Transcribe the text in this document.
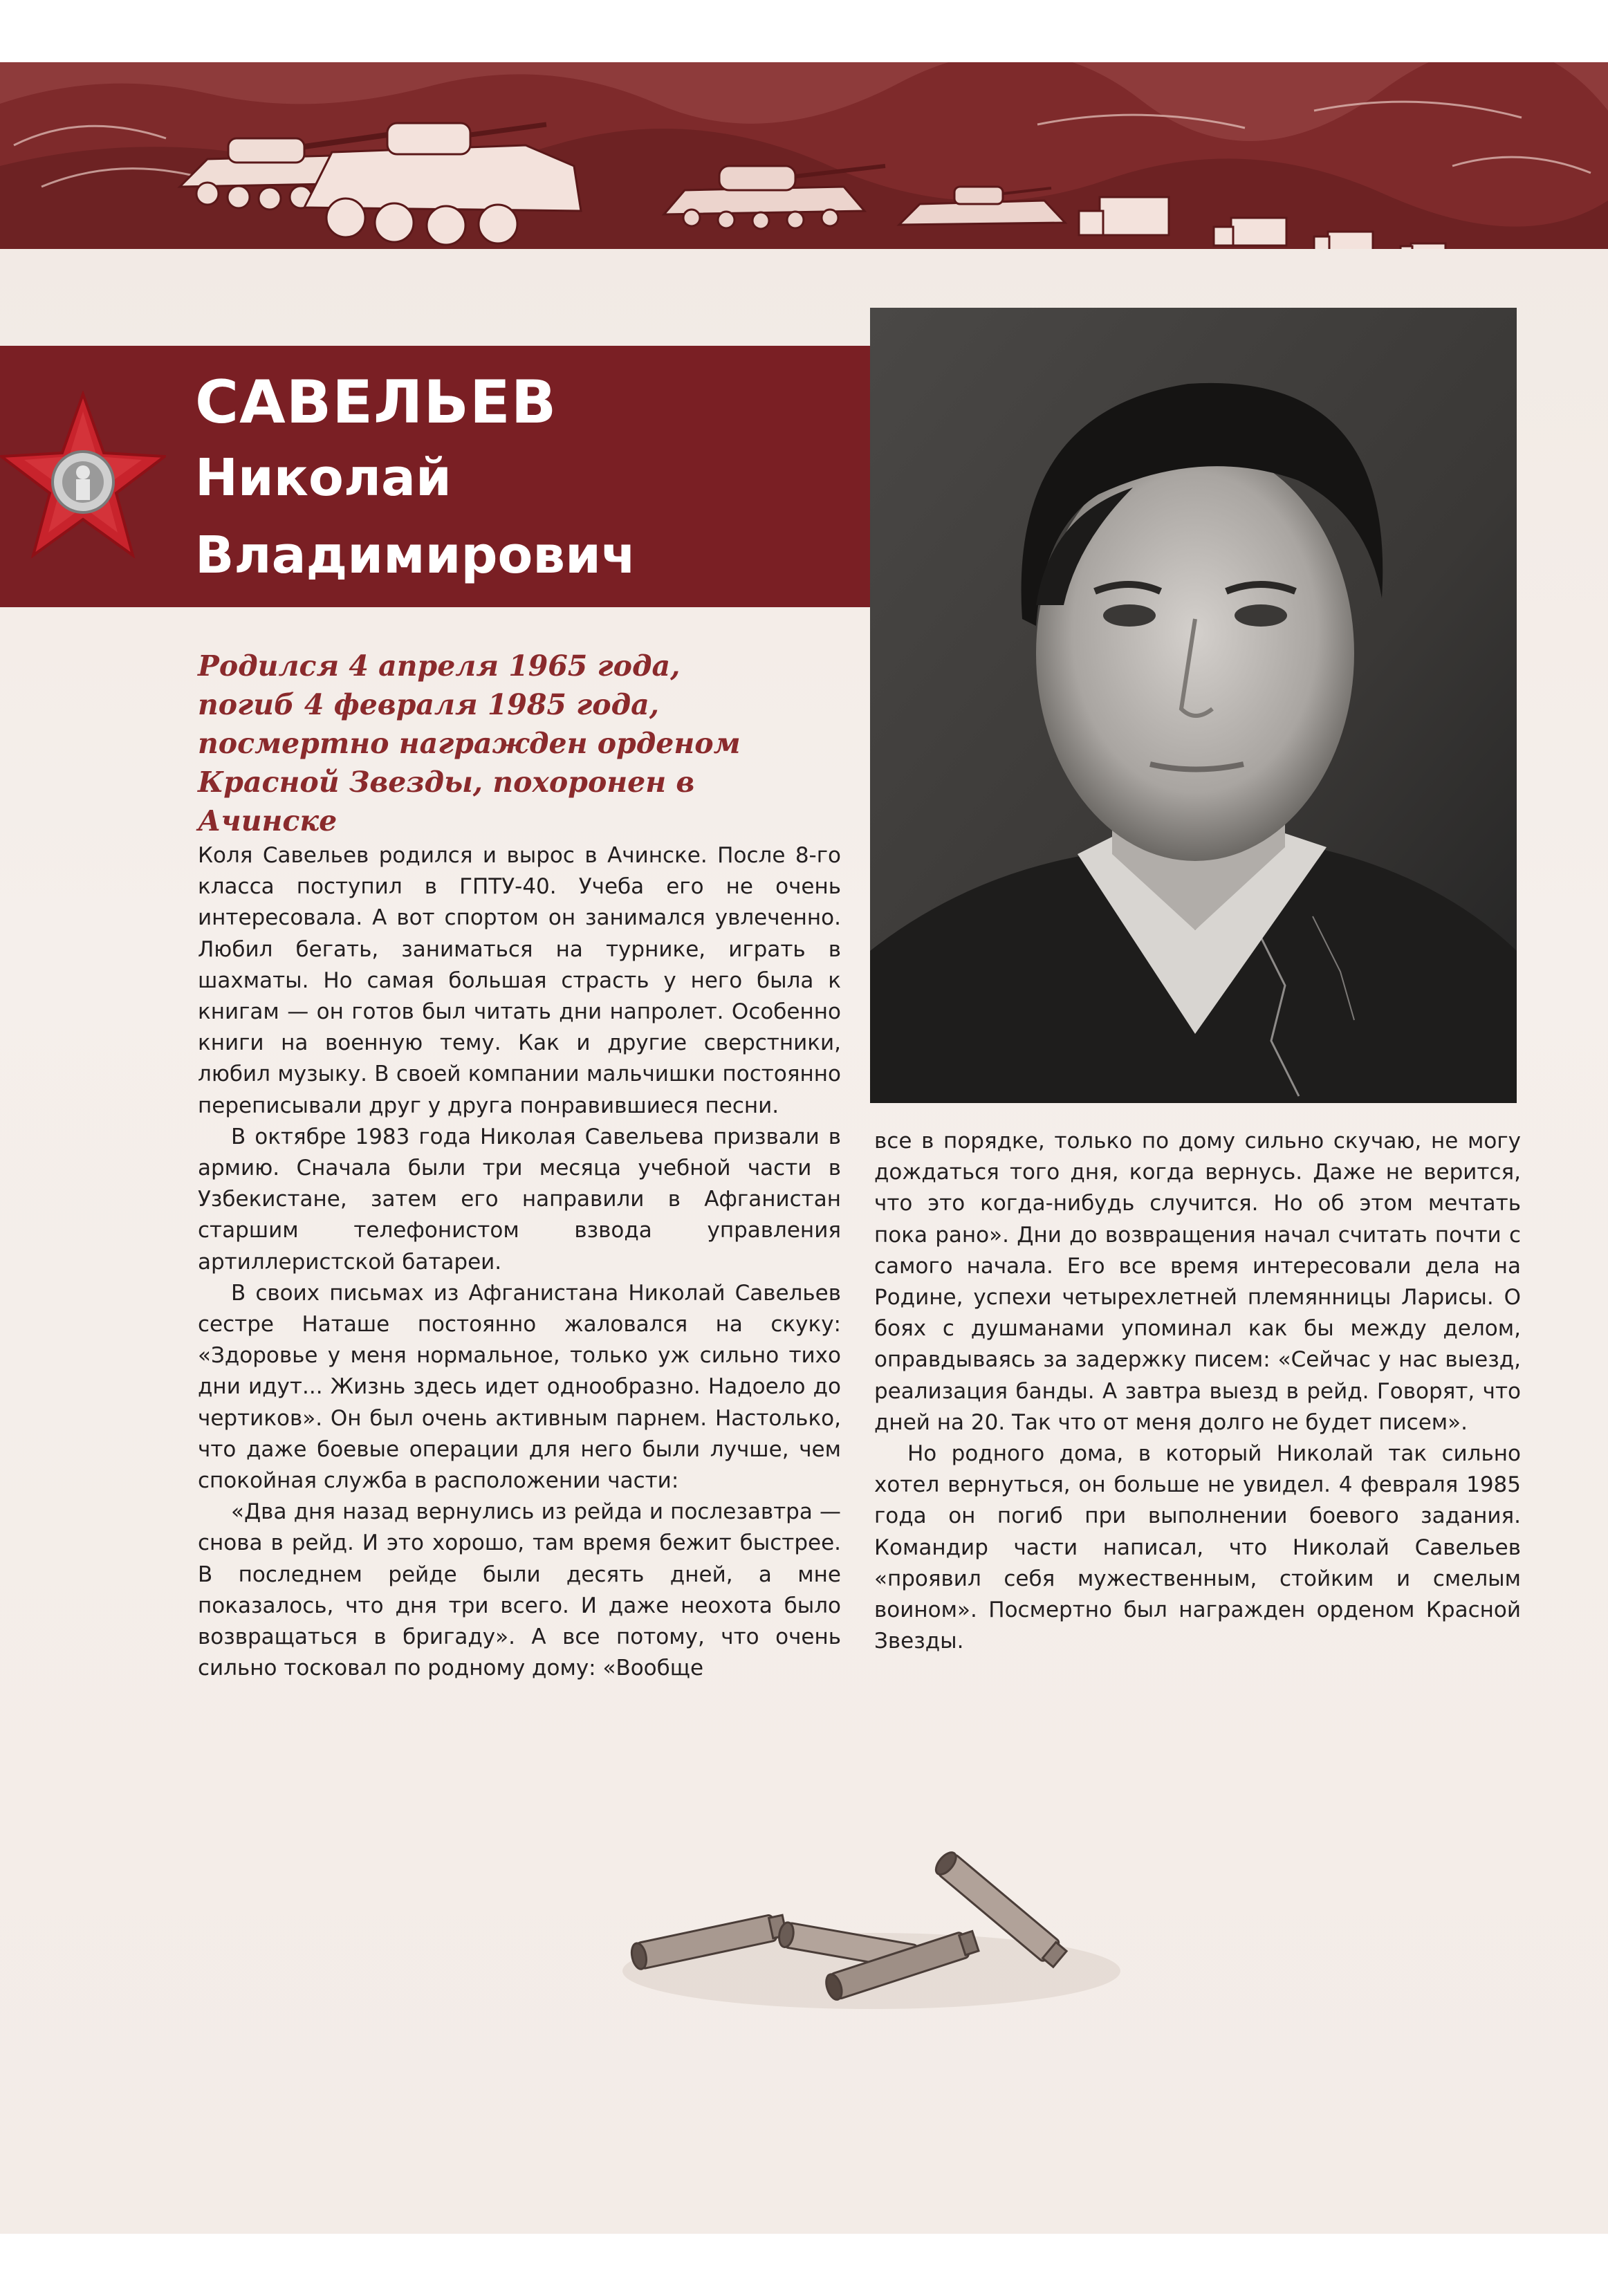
САВЕЛЬЕВ
Николай
Владимирович
Родился 4 апреля 1965 года,
погиб 4 февраля 1985 года,
посмертно награжден орденом
Красной Звезды, похоронен в Ачинске

Коля Савельев родился и вырос в Ачинске. После 8-го класса поступил в ГПТУ-40. Учеба его не очень интересовала. А вот спортом он занимался увлеченно. Любил бегать, заниматься на турнике, играть в шахматы. Но самая большая страсть у него была к книгам — он готов был читать дни напролет. Особенно книги на военную тему. Как и другие сверстники, любил музыку. В своей компании мальчишки постоянно переписывали друг у друга понравившиеся песни.

В октябре 1983 года Николая Савельева призвали в армию. Сначала были три месяца учебной части в Узбекистане, затем его направили в Афганистан старшим телефонистом взвода управления артиллеристской батареи.

В своих письмах из Афганистана Николай Савельев сестре Наташе постоянно жаловался на скуку: «Здоровье у меня нормальное, только уж сильно тихо дни идут... Жизнь здесь идет однообразно. Надоело до чертиков». Он был очень активным парнем. Настолько, что даже боевые операции для него были лучше, чем спокойная служба в расположении части:

«Два дня назад вернулись из рейда и послезавтра — снова в рейд. И это хорошо, там время бежит быстрее. В последнем рейде были десять дней, а мне показалось, что дня три всего. И даже неохота было возвращаться в бригаду». А все потому, что очень сильно тосковал по родному дому: «Вообще

все в порядке, только по дому сильно скучаю, не могу дождаться того дня, когда вернусь. Даже не верится, что это когда-нибудь случится. Но об этом мечтать пока рано». Дни до возвращения начал считать почти с самого начала. Его все время интересовали дела на Родине, успехи четырехлетней племянницы Ларисы. О боях с душманами упоминал как бы между делом, оправдываясь за задержку писем: «Сейчас у нас выезд, реализация банды. А завтра выезд в рейд. Говорят, что дней на 20. Так что от меня долго не будет писем».

Но родного дома, в который Николай так сильно хотел вернуться, он больше не увидел. 4 февраля 1985 года он погиб при выполнении боевого задания. Командир части написал, что Николай Савельев «проявил себя мужественным, стойким и смелым воином». Посмертно был награжден орденом Красной Звезды.
